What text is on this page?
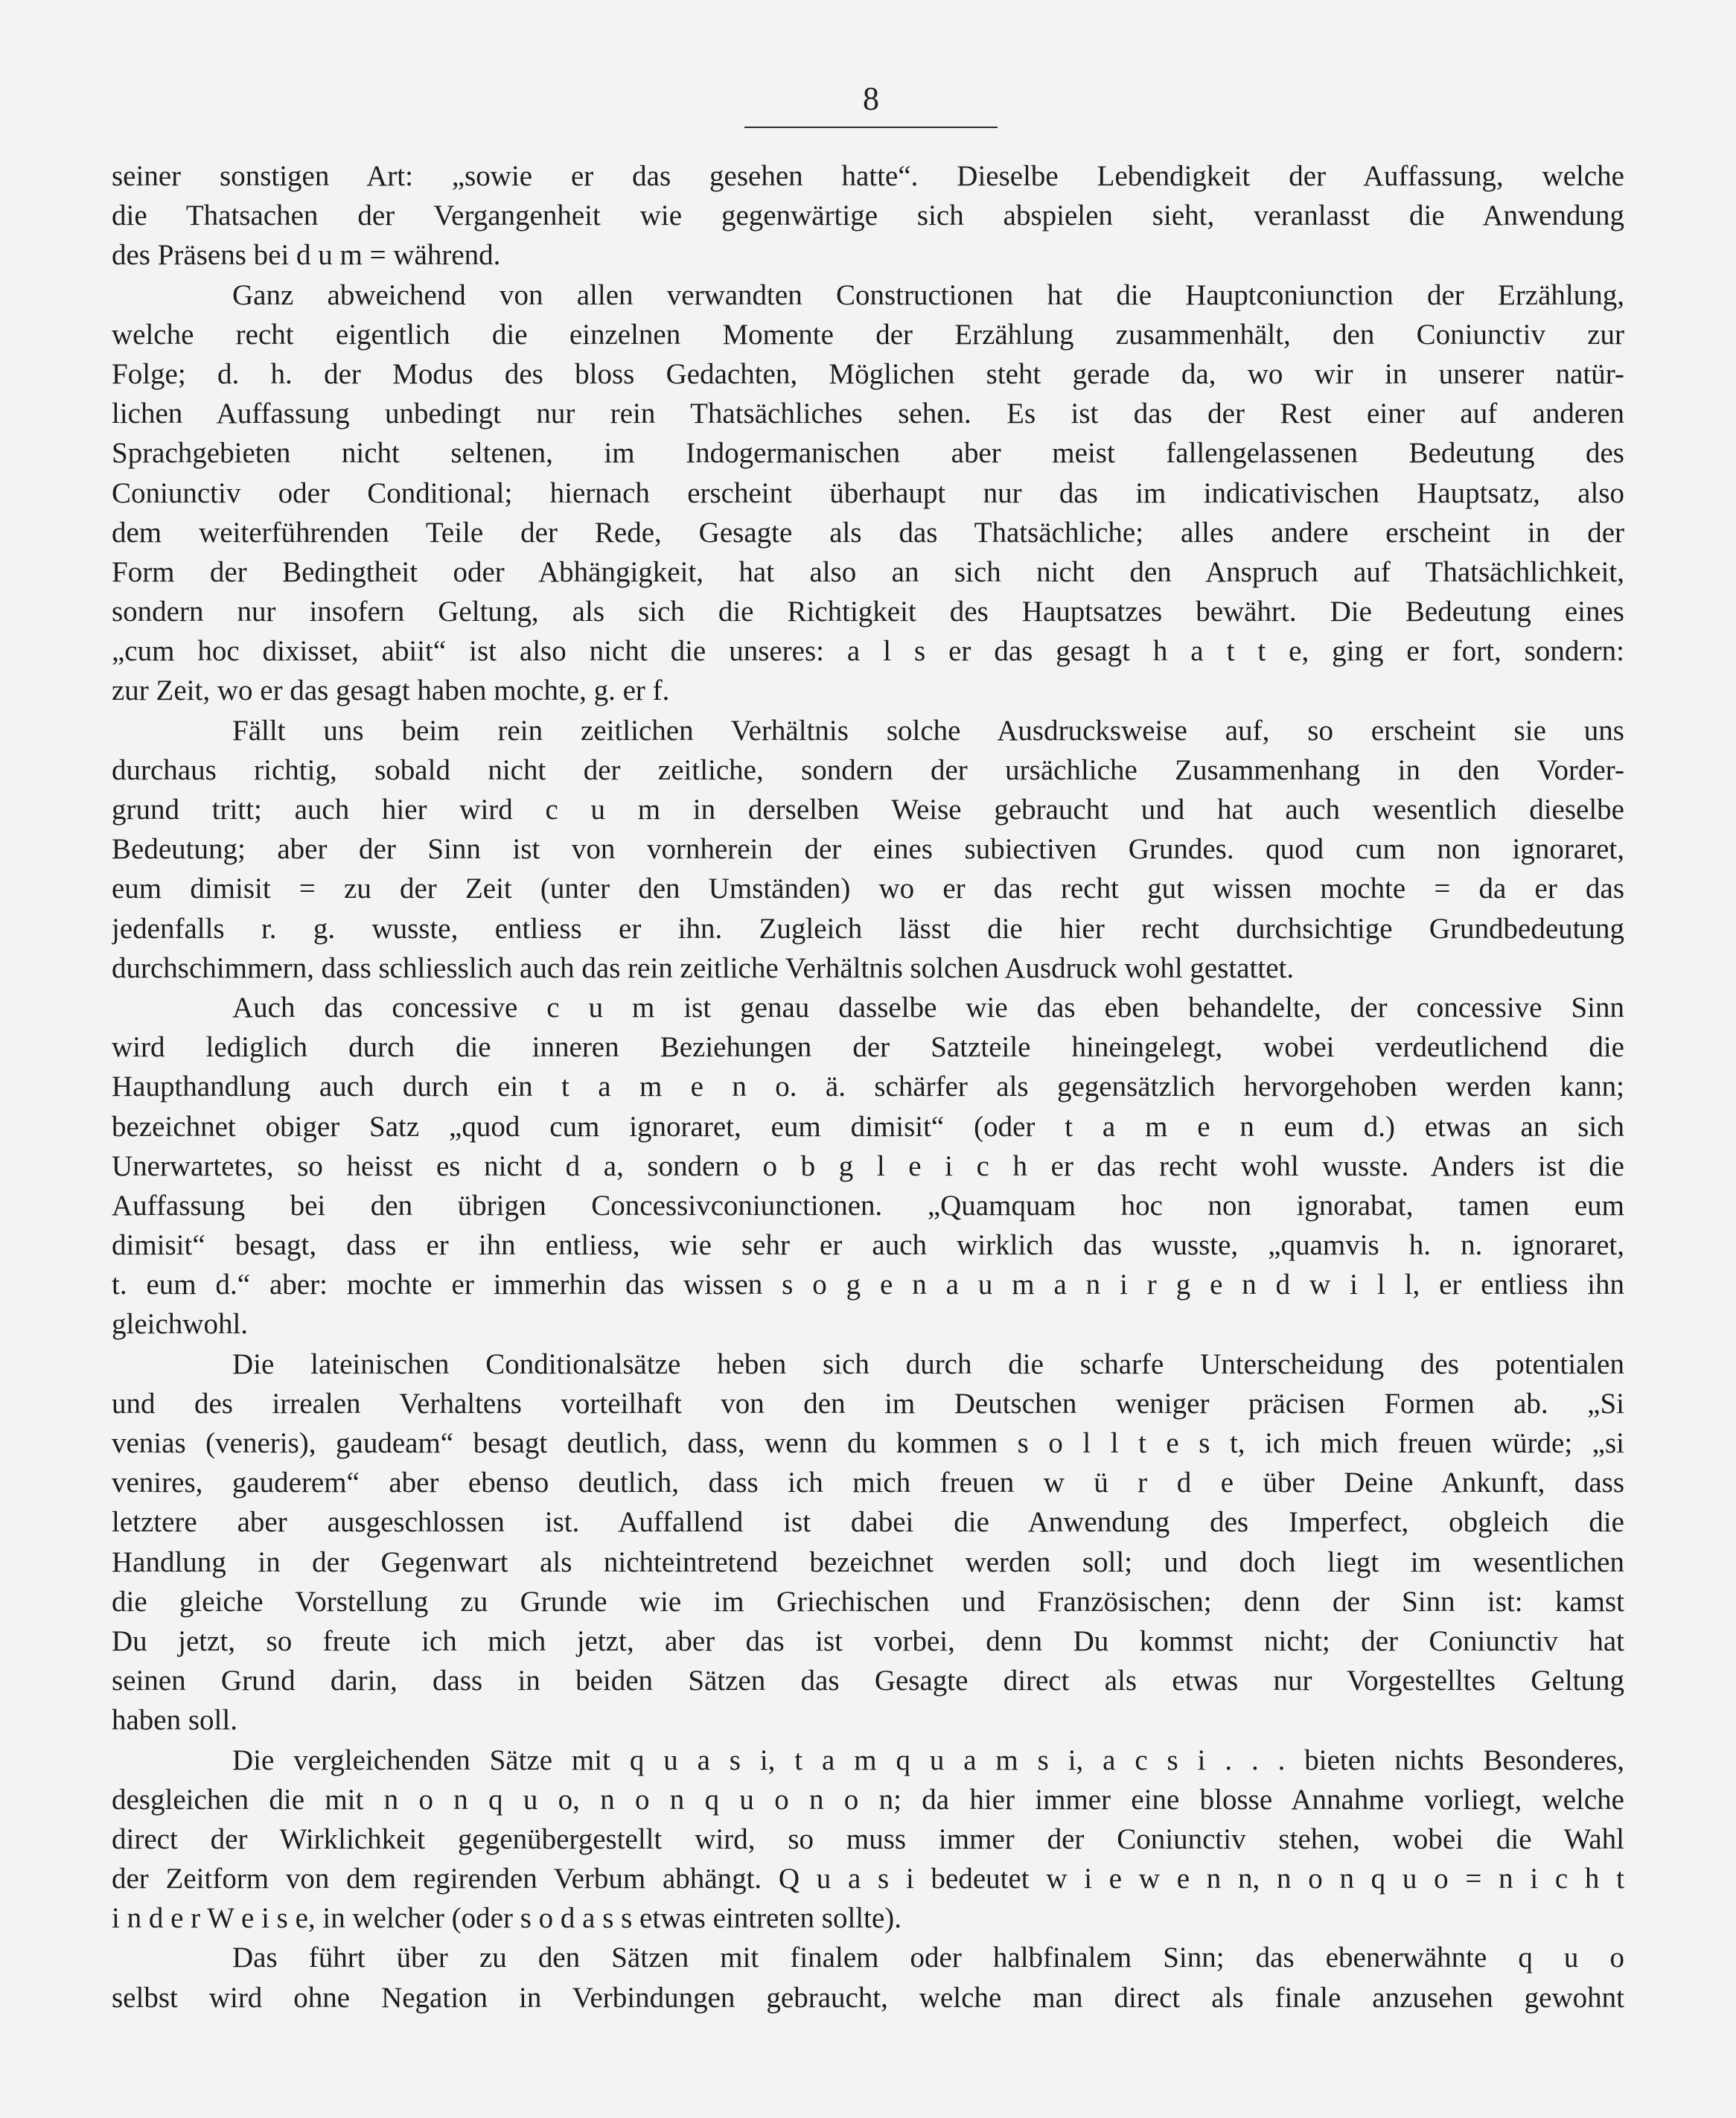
8
seiner sonstigen Art: „sowie er das gesehen hatte“. Dieselbe Lebendigkeit der Auffassung, welche
die Thatsachen der Vergangenheit wie gegenwärtige sich abspielen sieht, veranlasst die Anwendung
des Präsens bei d u m = während.
Ganz abweichend von allen verwandten Constructionen hat die Hauptconiunction der Erzählung,
welche recht eigentlich die einzelnen Momente der Erzählung zusammenhält, den Coniunctiv zur
Folge; d. h. der Modus des bloss Gedachten, Möglichen steht gerade da, wo wir in unserer natür-
lichen Auffassung unbedingt nur rein Thatsächliches sehen. Es ist das der Rest einer auf anderen
Sprachgebieten nicht seltenen, im Indogermanischen aber meist fallengelassenen Bedeutung des
Coniunctiv oder Conditional; hiernach erscheint überhaupt nur das im indicativischen Hauptsatz, also
dem weiterführenden Teile der Rede, Gesagte als das Thatsächliche; alles andere erscheint in der
Form der Bedingtheit oder Abhängigkeit, hat also an sich nicht den Anspruch auf Thatsächlichkeit,
sondern nur insofern Geltung, als sich die Richtigkeit des Hauptsatzes bewährt. Die Bedeutung eines
„cum hoc dixisset, abiit“ ist also nicht die unseres: a l s er das gesagt h a t t e, ging er fort, sondern:
zur Zeit, wo er das gesagt haben mochte, g. er f.
Fällt uns beim rein zeitlichen Verhältnis solche Ausdrucksweise auf, so erscheint sie uns
durchaus richtig, sobald nicht der zeitliche, sondern der ursächliche Zusammenhang in den Vorder-
grund tritt; auch hier wird c u m in derselben Weise gebraucht und hat auch wesentlich dieselbe
Bedeutung; aber der Sinn ist von vornherein der eines subiectiven Grundes. quod cum non ignoraret,
eum dimisit = zu der Zeit (unter den Umständen) wo er das recht gut wissen mochte = da er das
jedenfalls r. g. wusste, entliess er ihn. Zugleich lässt die hier recht durchsichtige Grundbedeutung
durchschimmern, dass schliesslich auch das rein zeitliche Verhältnis solchen Ausdruck wohl gestattet.
Auch das concessive c u m ist genau dasselbe wie das eben behandelte, der concessive Sinn
wird lediglich durch die inneren Beziehungen der Satzteile hineingelegt, wobei verdeutlichend die
Haupthandlung auch durch ein t a m e n o. ä. schärfer als gegensätzlich hervorgehoben werden kann;
bezeichnet obiger Satz „quod cum ignoraret, eum dimisit“ (oder t a m e n eum d.) etwas an sich
Unerwartetes, so heisst es nicht d a, sondern o b g l e i c h er das recht wohl wusste. Anders ist die
Auffassung bei den übrigen Concessivconiunctionen. „Quamquam hoc non ignorabat, tamen eum
dimisit“ besagt, dass er ihn entliess, wie sehr er auch wirklich das wusste, „quamvis h. n. ignoraret,
t. eum d.“ aber: mochte er immerhin das wissen s o g e n a u m a n i r g e n d w i l l, er entliess ihn
gleichwohl.
Die lateinischen Conditionalsätze heben sich durch die scharfe Unterscheidung des potentialen
und des irrealen Verhaltens vorteilhaft von den im Deutschen weniger präcisen Formen ab. „Si
venias (veneris), gaudeam“ besagt deutlich, dass, wenn du kommen s o l l t e s t, ich mich freuen würde; „si
venires, gauderem“ aber ebenso deutlich, dass ich mich freuen w ü r d e über Deine Ankunft, dass
letztere aber ausgeschlossen ist. Auffallend ist dabei die Anwendung des Imperfect, obgleich die
Handlung in der Gegenwart als nichteintretend bezeichnet werden soll; und doch liegt im wesentlichen
die gleiche Vorstellung zu Grunde wie im Griechischen und Französischen; denn der Sinn ist: kamst
Du jetzt, so freute ich mich jetzt, aber das ist vorbei, denn Du kommst nicht; der Coniunctiv hat
seinen Grund darin, dass in beiden Sätzen das Gesagte direct als etwas nur Vorgestelltes Geltung
haben soll.
Die vergleichenden Sätze mit q u a s i, t a m q u a m s i, a c s i . . . bieten nichts Besonderes,
desgleichen die mit n o n q u o, n o n q u o n o n; da hier immer eine blosse Annahme vorliegt, welche
direct der Wirklichkeit gegenübergestellt wird, so muss immer der Coniunctiv stehen, wobei die Wahl
der Zeitform von dem regirenden Verbum abhängt. Q u a s i bedeutet w i e w e n n, n o n q u o = n i c h t
i n d e r W e i s e, in welcher (oder s o d a s s etwas eintreten sollte).
Das führt über zu den Sätzen mit finalem oder halbfinalem Sinn; das ebenerwähnte q u o
selbst wird ohne Negation in Verbindungen gebraucht, welche man direct als finale anzusehen gewohnt
